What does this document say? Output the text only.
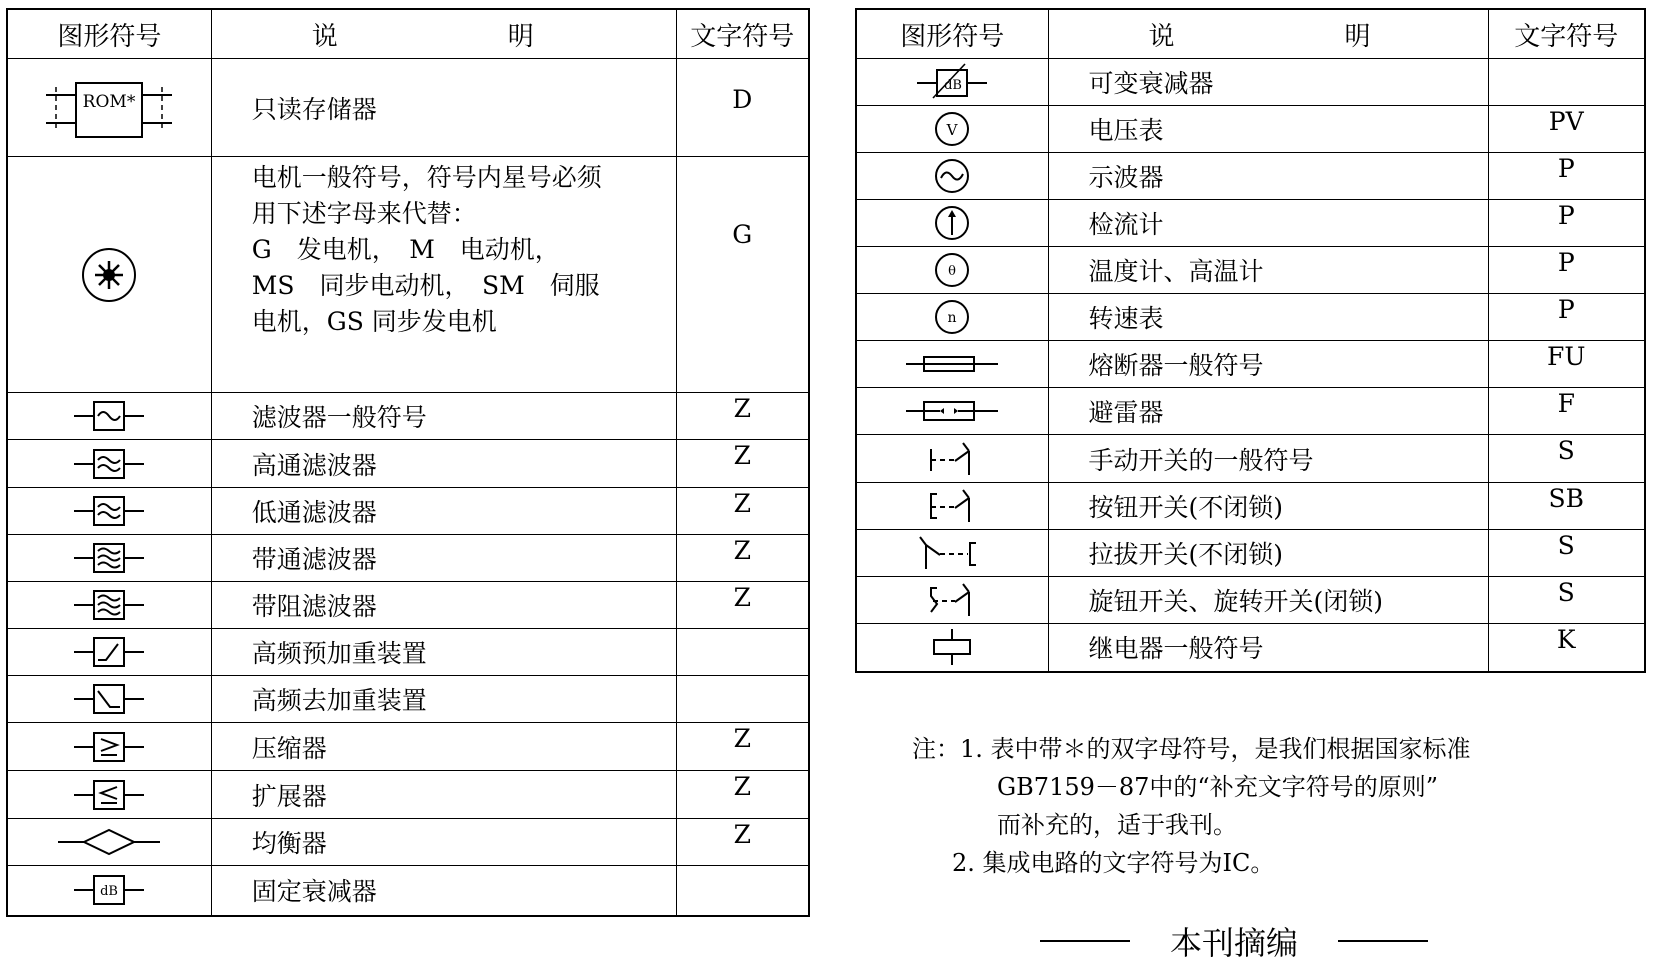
图形符号	说 明	文字符号

ROM*	只读存储器	D

电机一般符号，符号内星号必须
用下述字母来代替：
G　发电机，　M　电动机，
MS　同步电动机，　SM　伺服
电机，GS 同步发电机	G

	滤波器一般符号	Z

	高通滤波器	Z

	低通滤波器	Z

	带通滤波器	Z

	带阻滤波器	Z

	高频预加重装置	

	高频去加重装置	

	压缩器	Z

	扩展器	Z

	均衡器	Z

dB	固定衰减器	
图形符号	说 明	文字符号

dB	可变衰减器	

V	电压表	PV

	示波器	P

	检流计	P

θ	温度计、高温计	P

n	转速表	P

	熔断器一般符号	FU

	避雷器	F

	手动开关的一般符号	S

	按钮开关(不闭锁)	SB

	拉拔开关(不闭锁)	S

	旋钮开关、旋转开关(闭锁)	S

	继电器一般符号	K
注：1. 表中带＊的双字母符号，是我们根据国家标准
GB7159－87中的“补充文字符号的原则”
而补充的，适于我刊。
2. 集成电路的文字符号为IC。
本刊摘编
